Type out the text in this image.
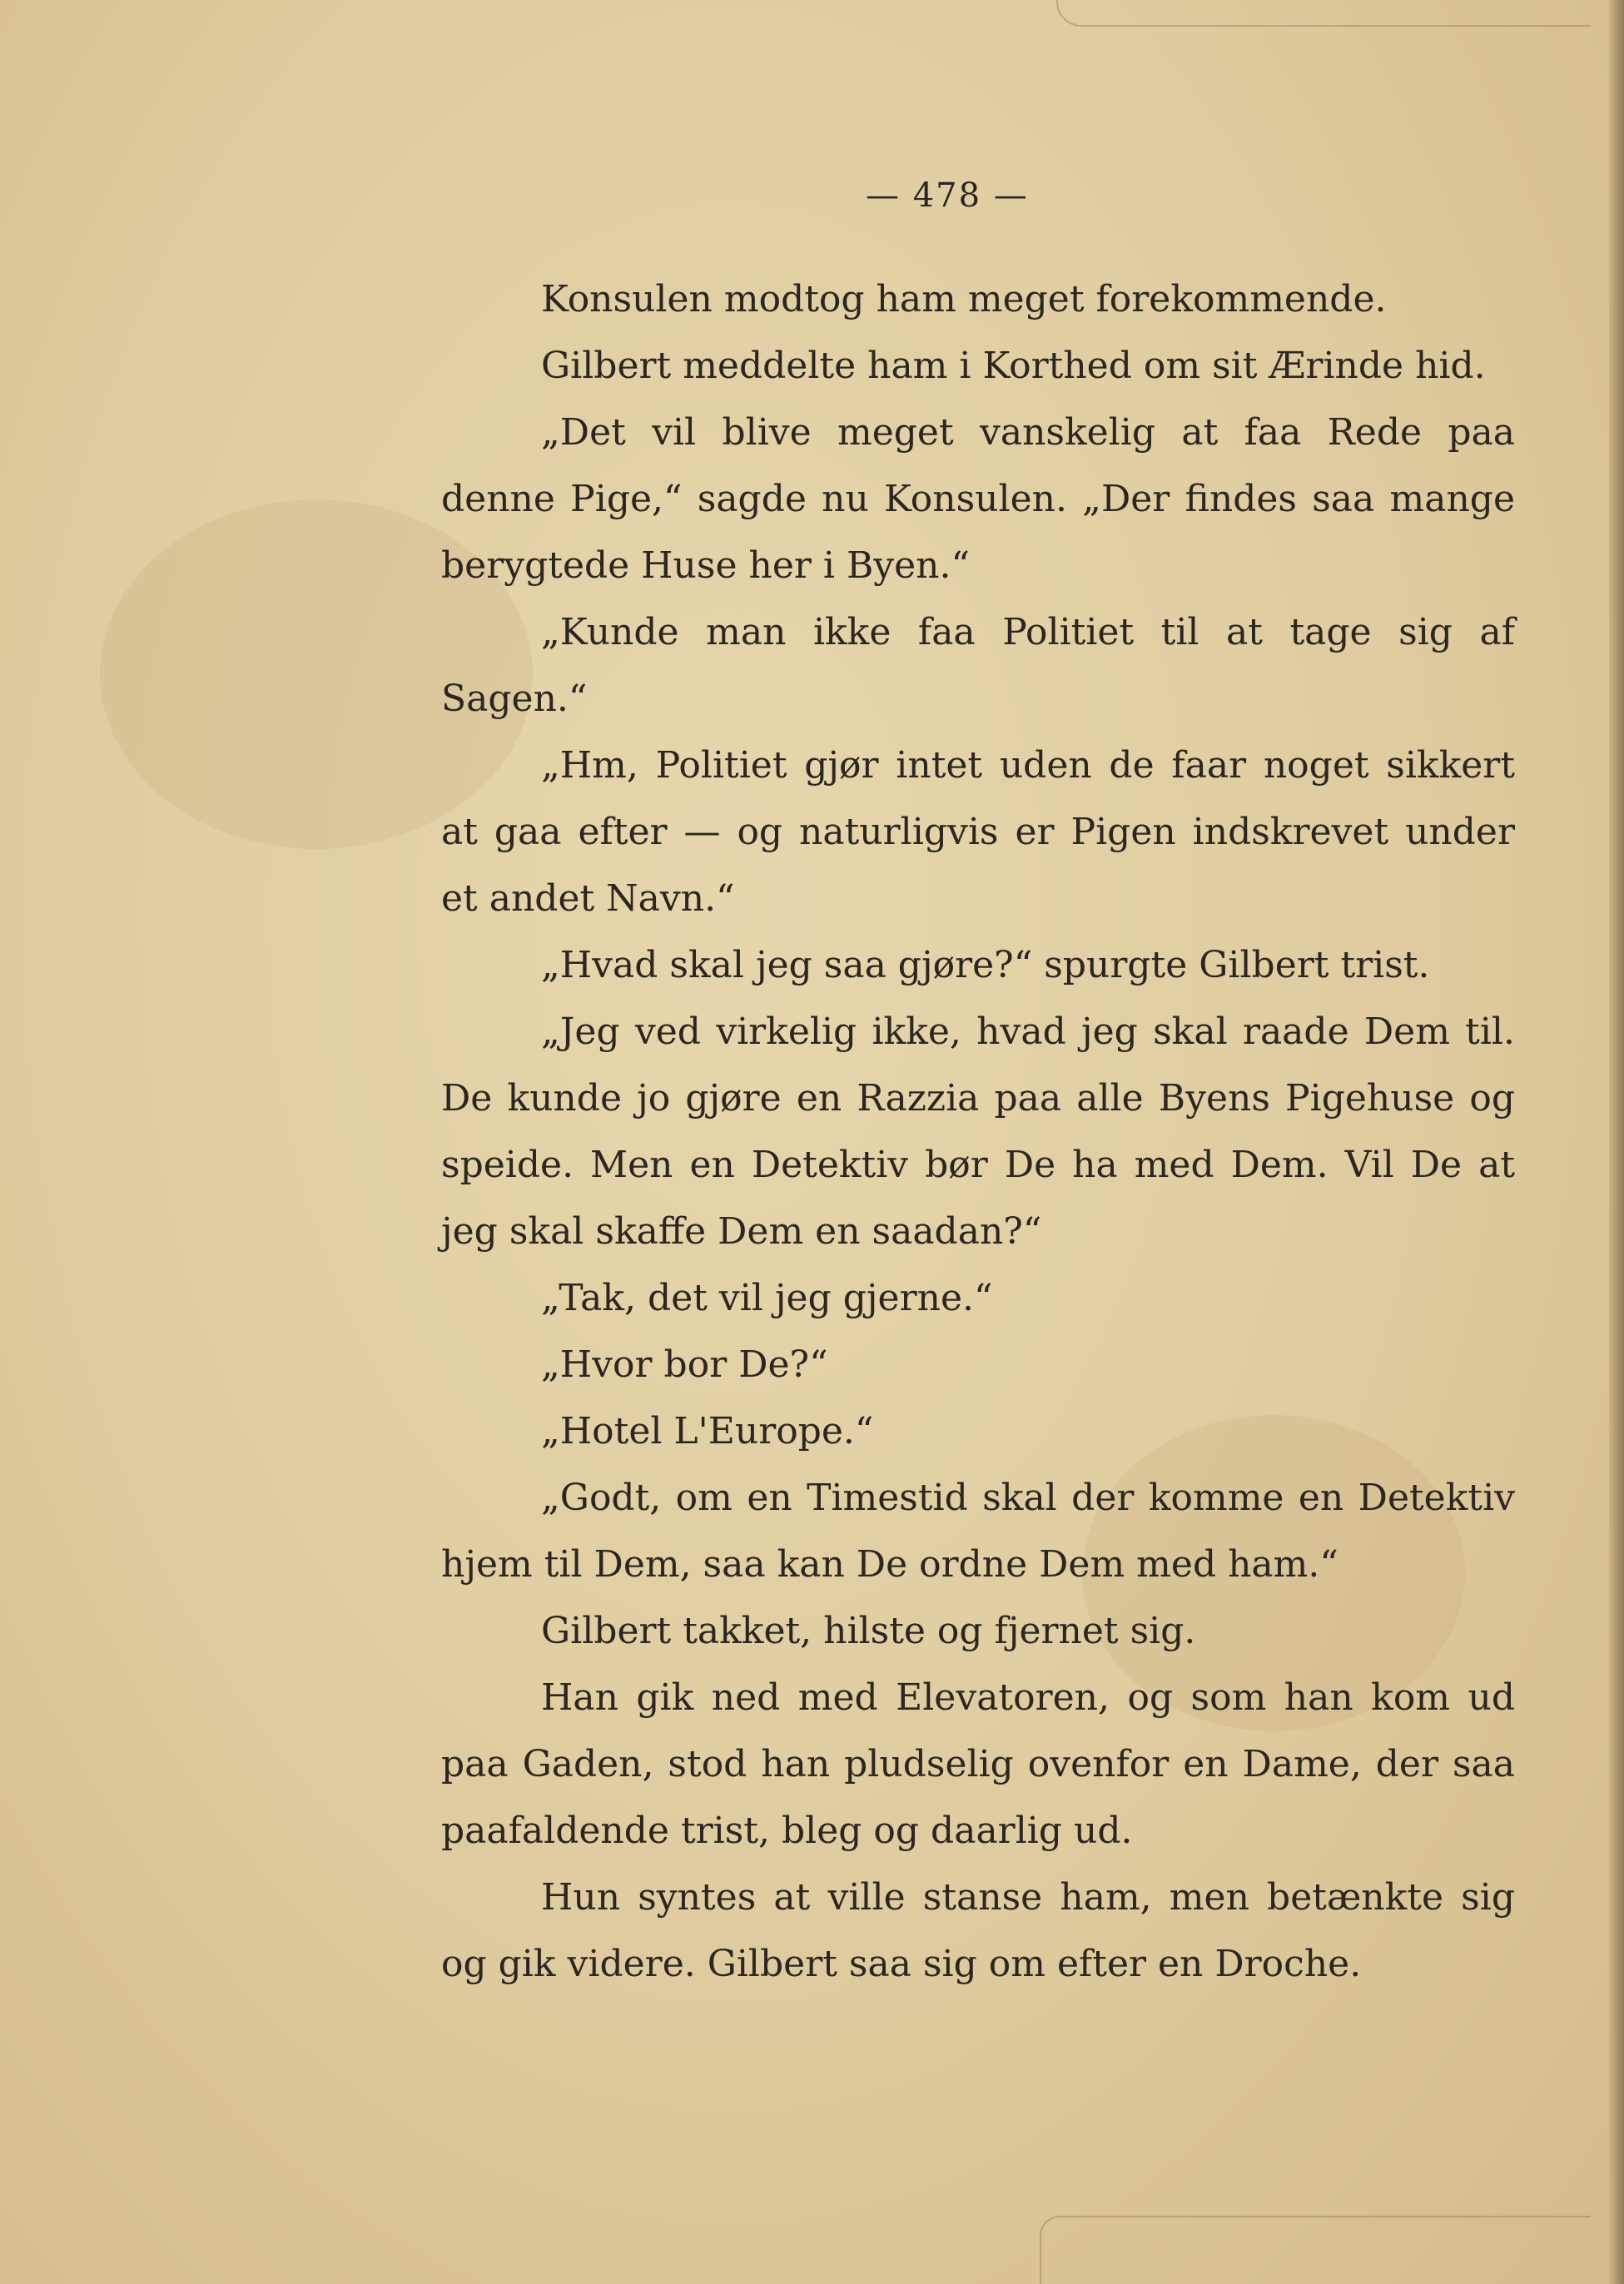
— 478 —

Konsulen modtog ham meget forekommende.

Gilbert meddelte ham i Korthed om sit Ærinde hid.

„Det vil blive meget vanskelig at faa Rede paa denne Pige,“ sagde nu Konsulen. „Der findes saa mange berygtede Huse her i Byen.“

„Kunde man ikke faa Politiet til at tage sig af Sagen.“

„Hm, Politiet gjør intet uden de faar noget sikkert at gaa efter — og naturligvis er Pigen indskrevet under et andet Navn.“

„Hvad skal jeg saa gjøre?“ spurgte Gilbert trist.

„Jeg ved virkelig ikke, hvad jeg skal raade Dem til. De kunde jo gjøre en Razzia paa alle Byens Pigehuse og speide. Men en Detektiv bør De ha med Dem. Vil De at jeg skal skaffe Dem en saadan?“

„Tak, det vil jeg gjerne.“

„Hvor bor De?“

„Hotel L'Europe.“

„Godt, om en Timestid skal der komme en Detektiv hjem til Dem, saa kan De ordne Dem med ham.“

Gilbert takket, hilste og fjernet sig.

Han gik ned med Elevatoren, og som han kom ud paa Gaden, stod han pludselig ovenfor en Dame, der saa paafaldende trist, bleg og daarlig ud.

Hun syntes at ville stanse ham, men betænkte sig og gik videre. Gilbert saa sig om efter en Droche.
